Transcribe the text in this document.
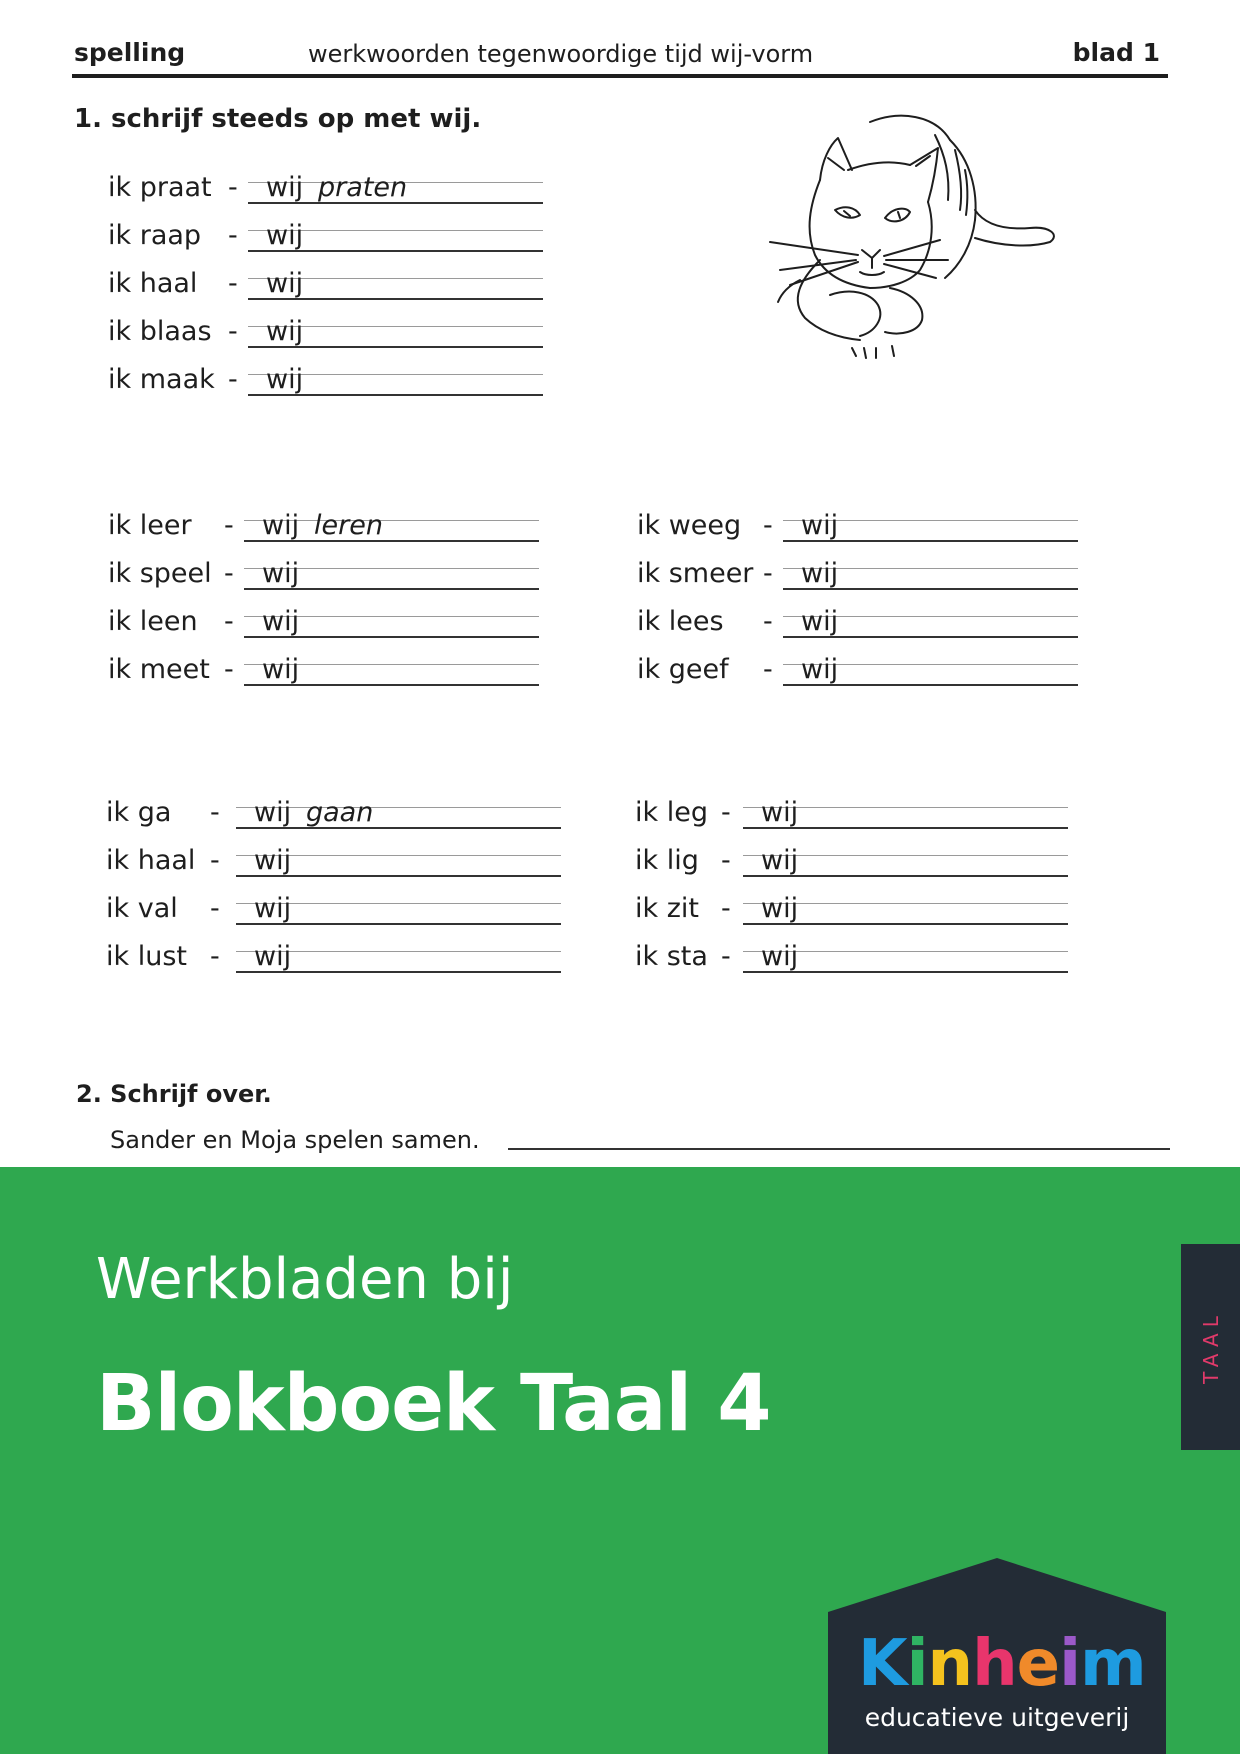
spelling	werkwoorden tegenwoordige tijd wij-vorm	blad 1
1. schrijf steeds op met wij.
ik praat - wij praten
ik raap - wij
ik haal - wij
ik blaas - wij
ik maak - wij
ik leer - wij leren
ik speel - wij
ik leen - wij
ik meet - wij
ik weeg - wij
ik smeer - wij
ik lees - wij
ik geef - wij
ik ga - wij gaan
ik haal - wij
ik val - wij
ik lust - wij
ik leg - wij
ik lig - wij
ik zit - wij
ik sta - wij
2. Schrijf over.
Sander en Moja spelen samen.
Werkbladen bij
Blokboek Taal 4
TAAL
Kinheim
educatieve uitgeverij
